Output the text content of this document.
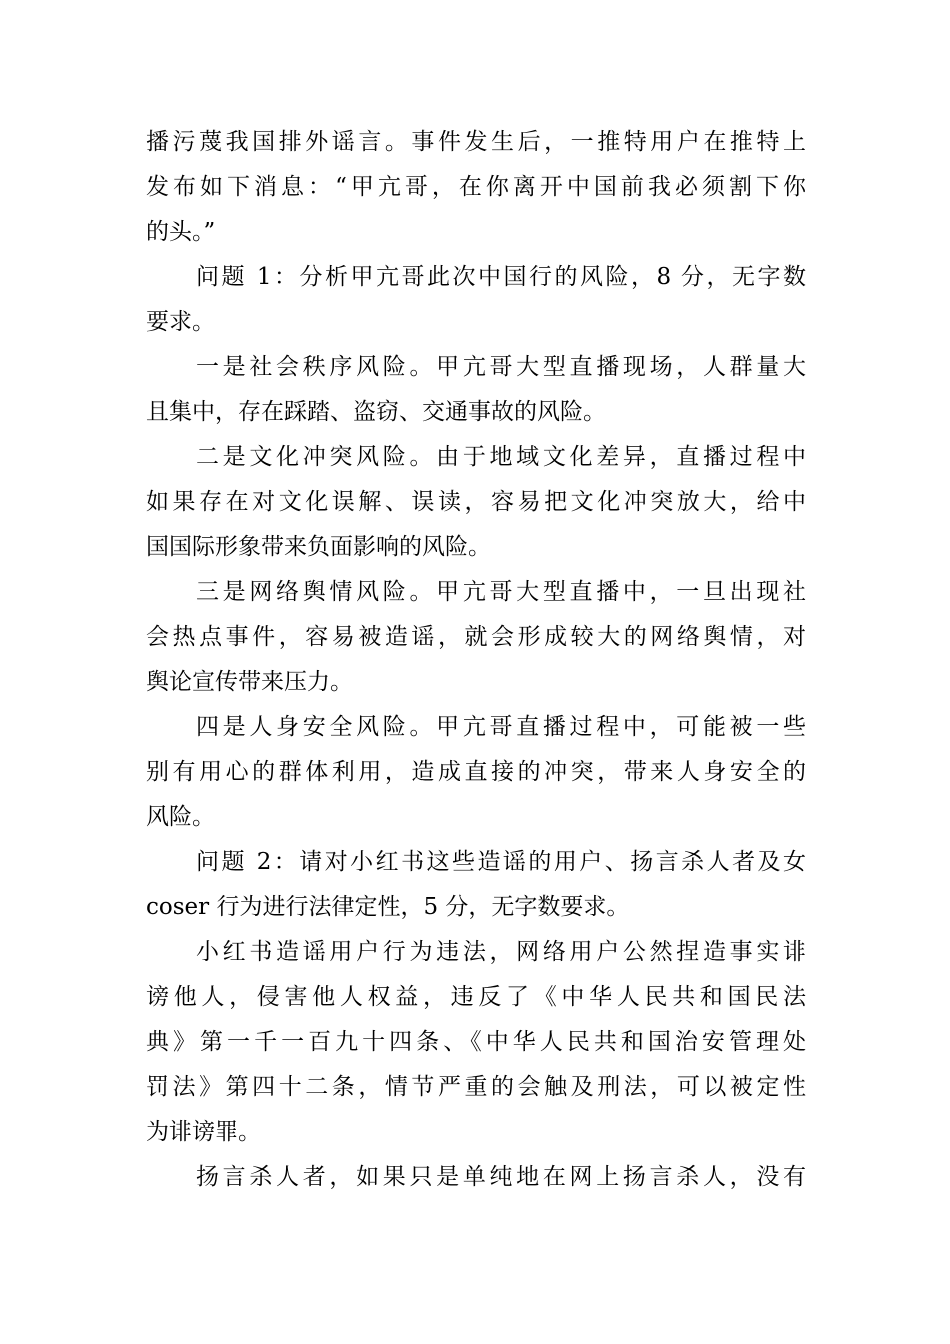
播污蔑我国排外谣言。事件发生后，一推特用户在推特上
发布如下消息：“甲亢哥，在你离开中国前我必须割下你
的头。”
问题 1：分析甲亢哥此次中国行的风险，8 分，无字数
要求。
一是社会秩序风险。甲亢哥大型直播现场，人群量大
且集中，存在踩踏、盗窃、交通事故的风险。
二是文化冲突风险。由于地域文化差异，直播过程中
如果存在对文化误解、误读，容易把文化冲突放大，给中
国国际形象带来负面影响的风险。
三是网络舆情风险。甲亢哥大型直播中，一旦出现社
会热点事件，容易被造谣，就会形成较大的网络舆情，对
舆论宣传带来压力。
四是人身安全风险。甲亢哥直播过程中，可能被一些
别有用心的群体利用，造成直接的冲突，带来人身安全的
风险。
问题 2：请对小红书这些造谣的用户、扬言杀人者及女
coser 行为进行法律定性，5 分，无字数要求。
小红书造谣用户行为违法，网络用户公然捏造事实诽
谤他人，侵害他人权益，违反了《中华人民共和国民法
典》第一千一百九十四条、《中华人民共和国治安管理处
罚法》第四十二条，情节严重的会触及刑法，可以被定性
为诽谤罪。
扬言杀人者，如果只是单纯地在网上扬言杀人，没有
